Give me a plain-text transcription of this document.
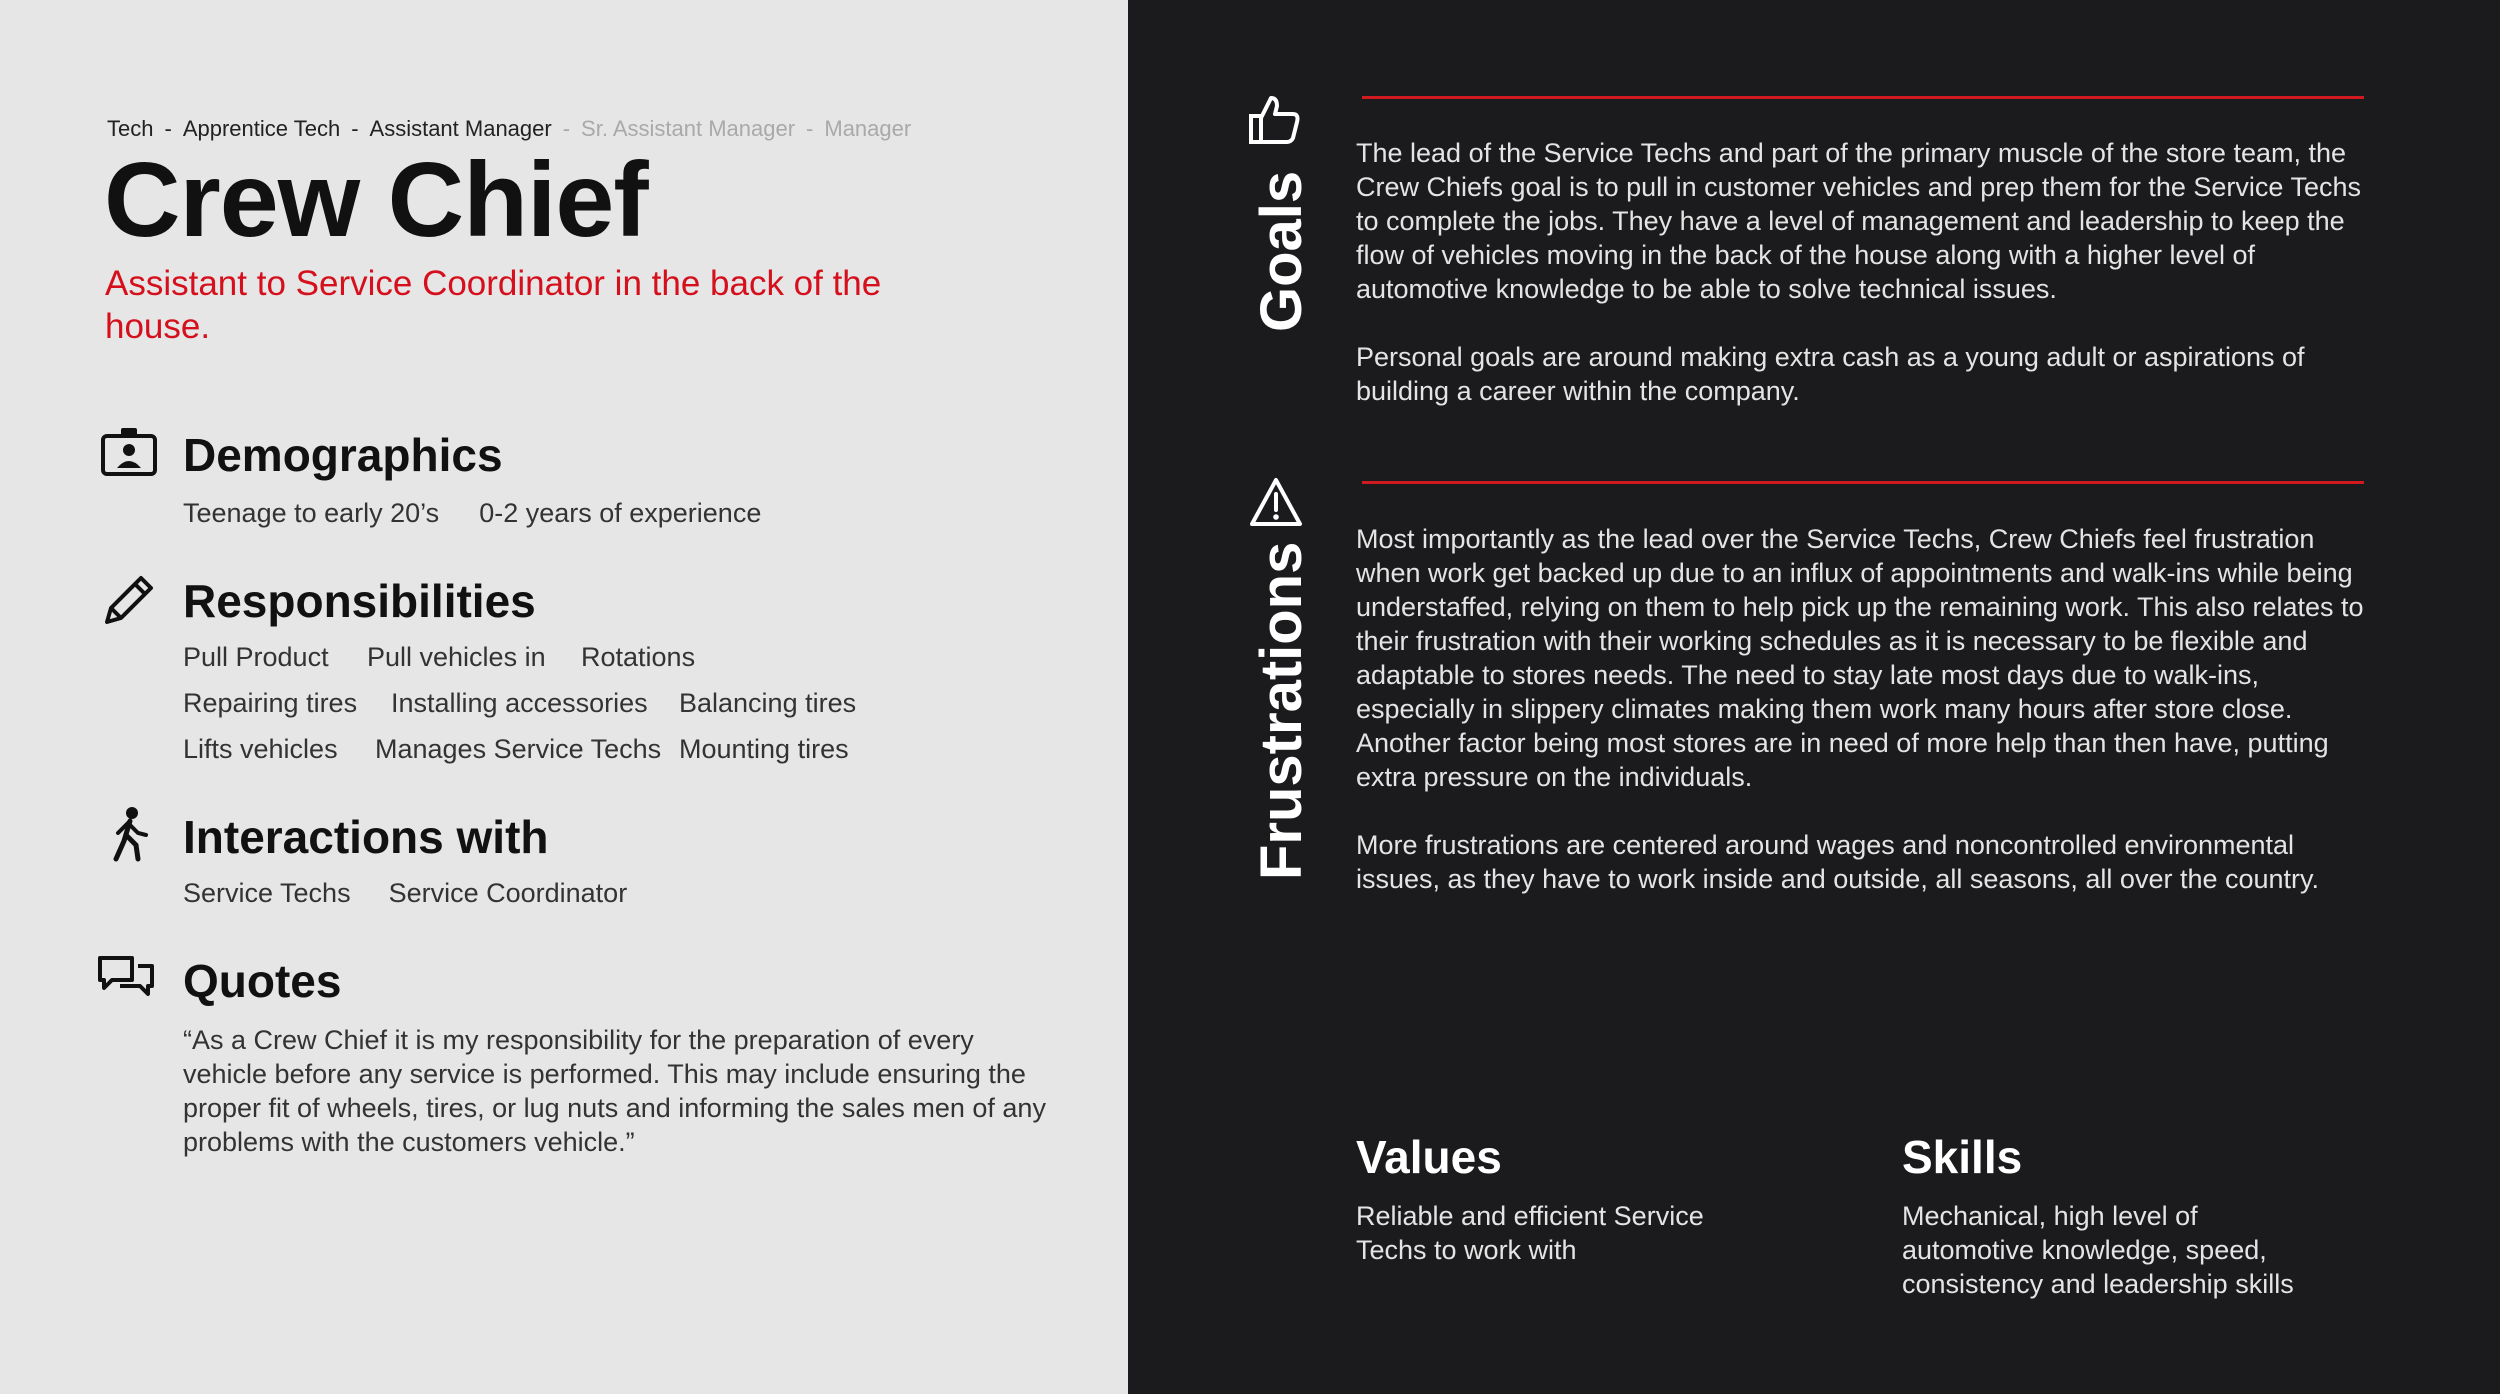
Tech - Apprentice Tech - Assistant Manager - Sr. Assistant Manager - Manager
Crew Chief
Assistant to Service Coordinator in the back of the house.
Demographics
Teenage to early 20’s 0-2 years of experience
Responsibilities
Pull Product Pull vehicles in Rotations
Repairing tires Installing accessories Balancing tires
Lifts vehicles Manages Service Techs Mounting tires
Interactions with
Service Techs Service Coordinator
Quotes
“As a Crew Chief it is my responsibility for the preparation of every vehicle before any service is performed. This may include ensuring the proper fit of wheels, tires, or lug nuts and informing the sales men of any problems with the customers vehicle.”
Goals

The lead of the Service Techs and part of the primary muscle of the store team, the Crew Chiefs goal is to pull in customer vehicles and prep them for the Service Techs to complete the jobs. They have a level of management and leadership to keep the flow of vehicles moving in the back of the house along with a higher level of automotive knowledge to be able to solve technical issues.

Personal goals are around making extra cash as a young adult or aspirations of building a career within the company.

Frustrations

Most importantly as the lead over the Service Techs, Crew Chiefs feel frustration when work get backed up due to an influx of appointments and walk-ins while being understaffed, relying on them to help pick up the remaining work. This also relates to their frustration with their working schedules as it is necessary to be flexible and adaptable to stores needs. The need to stay late most days due to walk-ins, especially in slippery climates making them work many hours after store close. Another factor being most stores are in need of more help than then have, putting extra pressure on the individuals.

More frustrations are centered around wages and noncontrolled environmental issues, as they have to work inside and outside, all seasons, all over the country.

Values
Reliable and efficient Service Techs to work with
Skills
Mechanical, high level of automotive knowledge, speed, consistency and leadership skills
